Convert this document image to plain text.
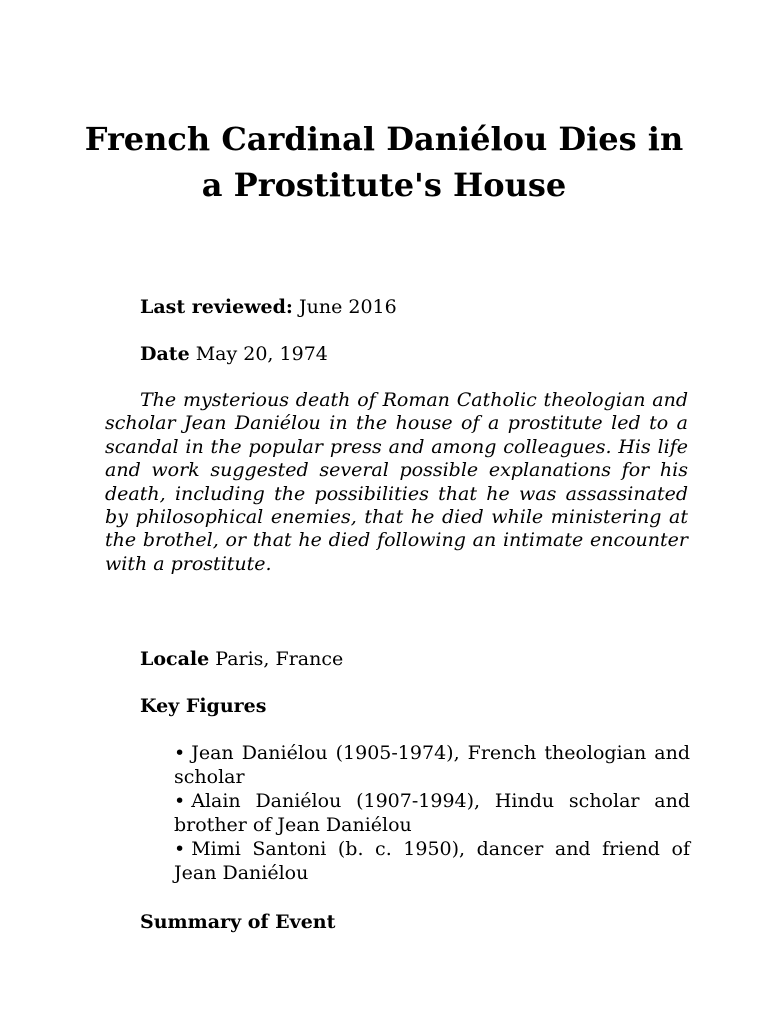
French Cardinal Daniélou Dies in a Prostitute's House

Last reviewed: June 2016

Date May 20, 1974

The mysterious death of Roman Catholic theologian and scholar Jean Daniélou in the house of a prostitute led to a scandal in the popular press and among colleagues. His life and work suggested several possible explanations for his death, including the possibilities that he was assassinated by philosophical enemies, that he died while ministering at the brothel, or that he died following an intimate encounter with a prostitute.

Locale Paris, France

Key Figures

• Jean Daniélou (1905-1974), French theologian and scholar
• Alain Daniélou (1907-1994), Hindu scholar and brother of Jean Daniélou
• Mimi Santoni (b. c. 1950), dancer and friend of Jean Daniélou

Summary of Event
